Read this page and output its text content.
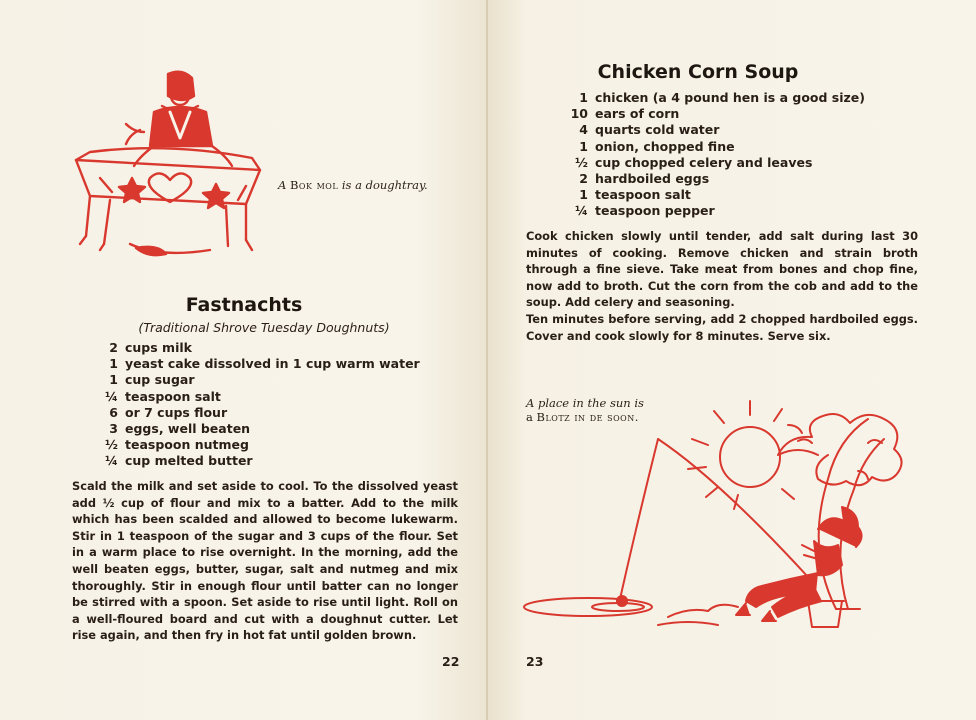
A Bok mol is a doughtray.
Fastnachts
(Traditional Shrove Tuesday Doughnuts)
2 cups milk
1 yeast cake dissolved in 1 cup warm water
1 cup sugar
¼ teaspoon salt
6 or 7 cups flour
3 eggs, well beaten
½ teaspoon nutmeg
¼ cup melted butter
Scald the milk and set aside to cool. To the dissolved yeast add ½ cup of flour and mix to a batter. Add to the milk which has been scalded and allowed to become lukewarm. Stir in 1 teaspoon of the sugar and 3 cups of the flour. Set in a warm place to rise overnight. In the morning, add the well beaten eggs, butter, sugar, salt and nutmeg and mix thoroughly. Stir in enough flour until batter can no longer be stirred with a spoon. Set aside to rise until light. Roll on a well-floured board and cut with a doughnut cutter. Let rise again, and then fry in hot fat until golden brown.
22
Chicken Corn Soup
1 chicken (a 4 pound hen is a good size)
10 ears of corn
4 quarts cold water
1 onion, chopped fine
½ cup chopped celery and leaves
2 hardboiled eggs
1 teaspoon salt
¼ teaspoon pepper
Cook chicken slowly until tender, add salt during last 30 minutes of cooking. Remove chicken and strain broth through a fine sieve. Take meat from bones and chop fine, now add to broth. Cut the corn from the cob and add to the soup. Add celery and seasoning.
Ten minutes before serving, add 2 chopped hardboiled eggs. Cover and cook slowly for 8 minutes. Serve six.
A place in the sun is
a Blotz in de soon.
23
